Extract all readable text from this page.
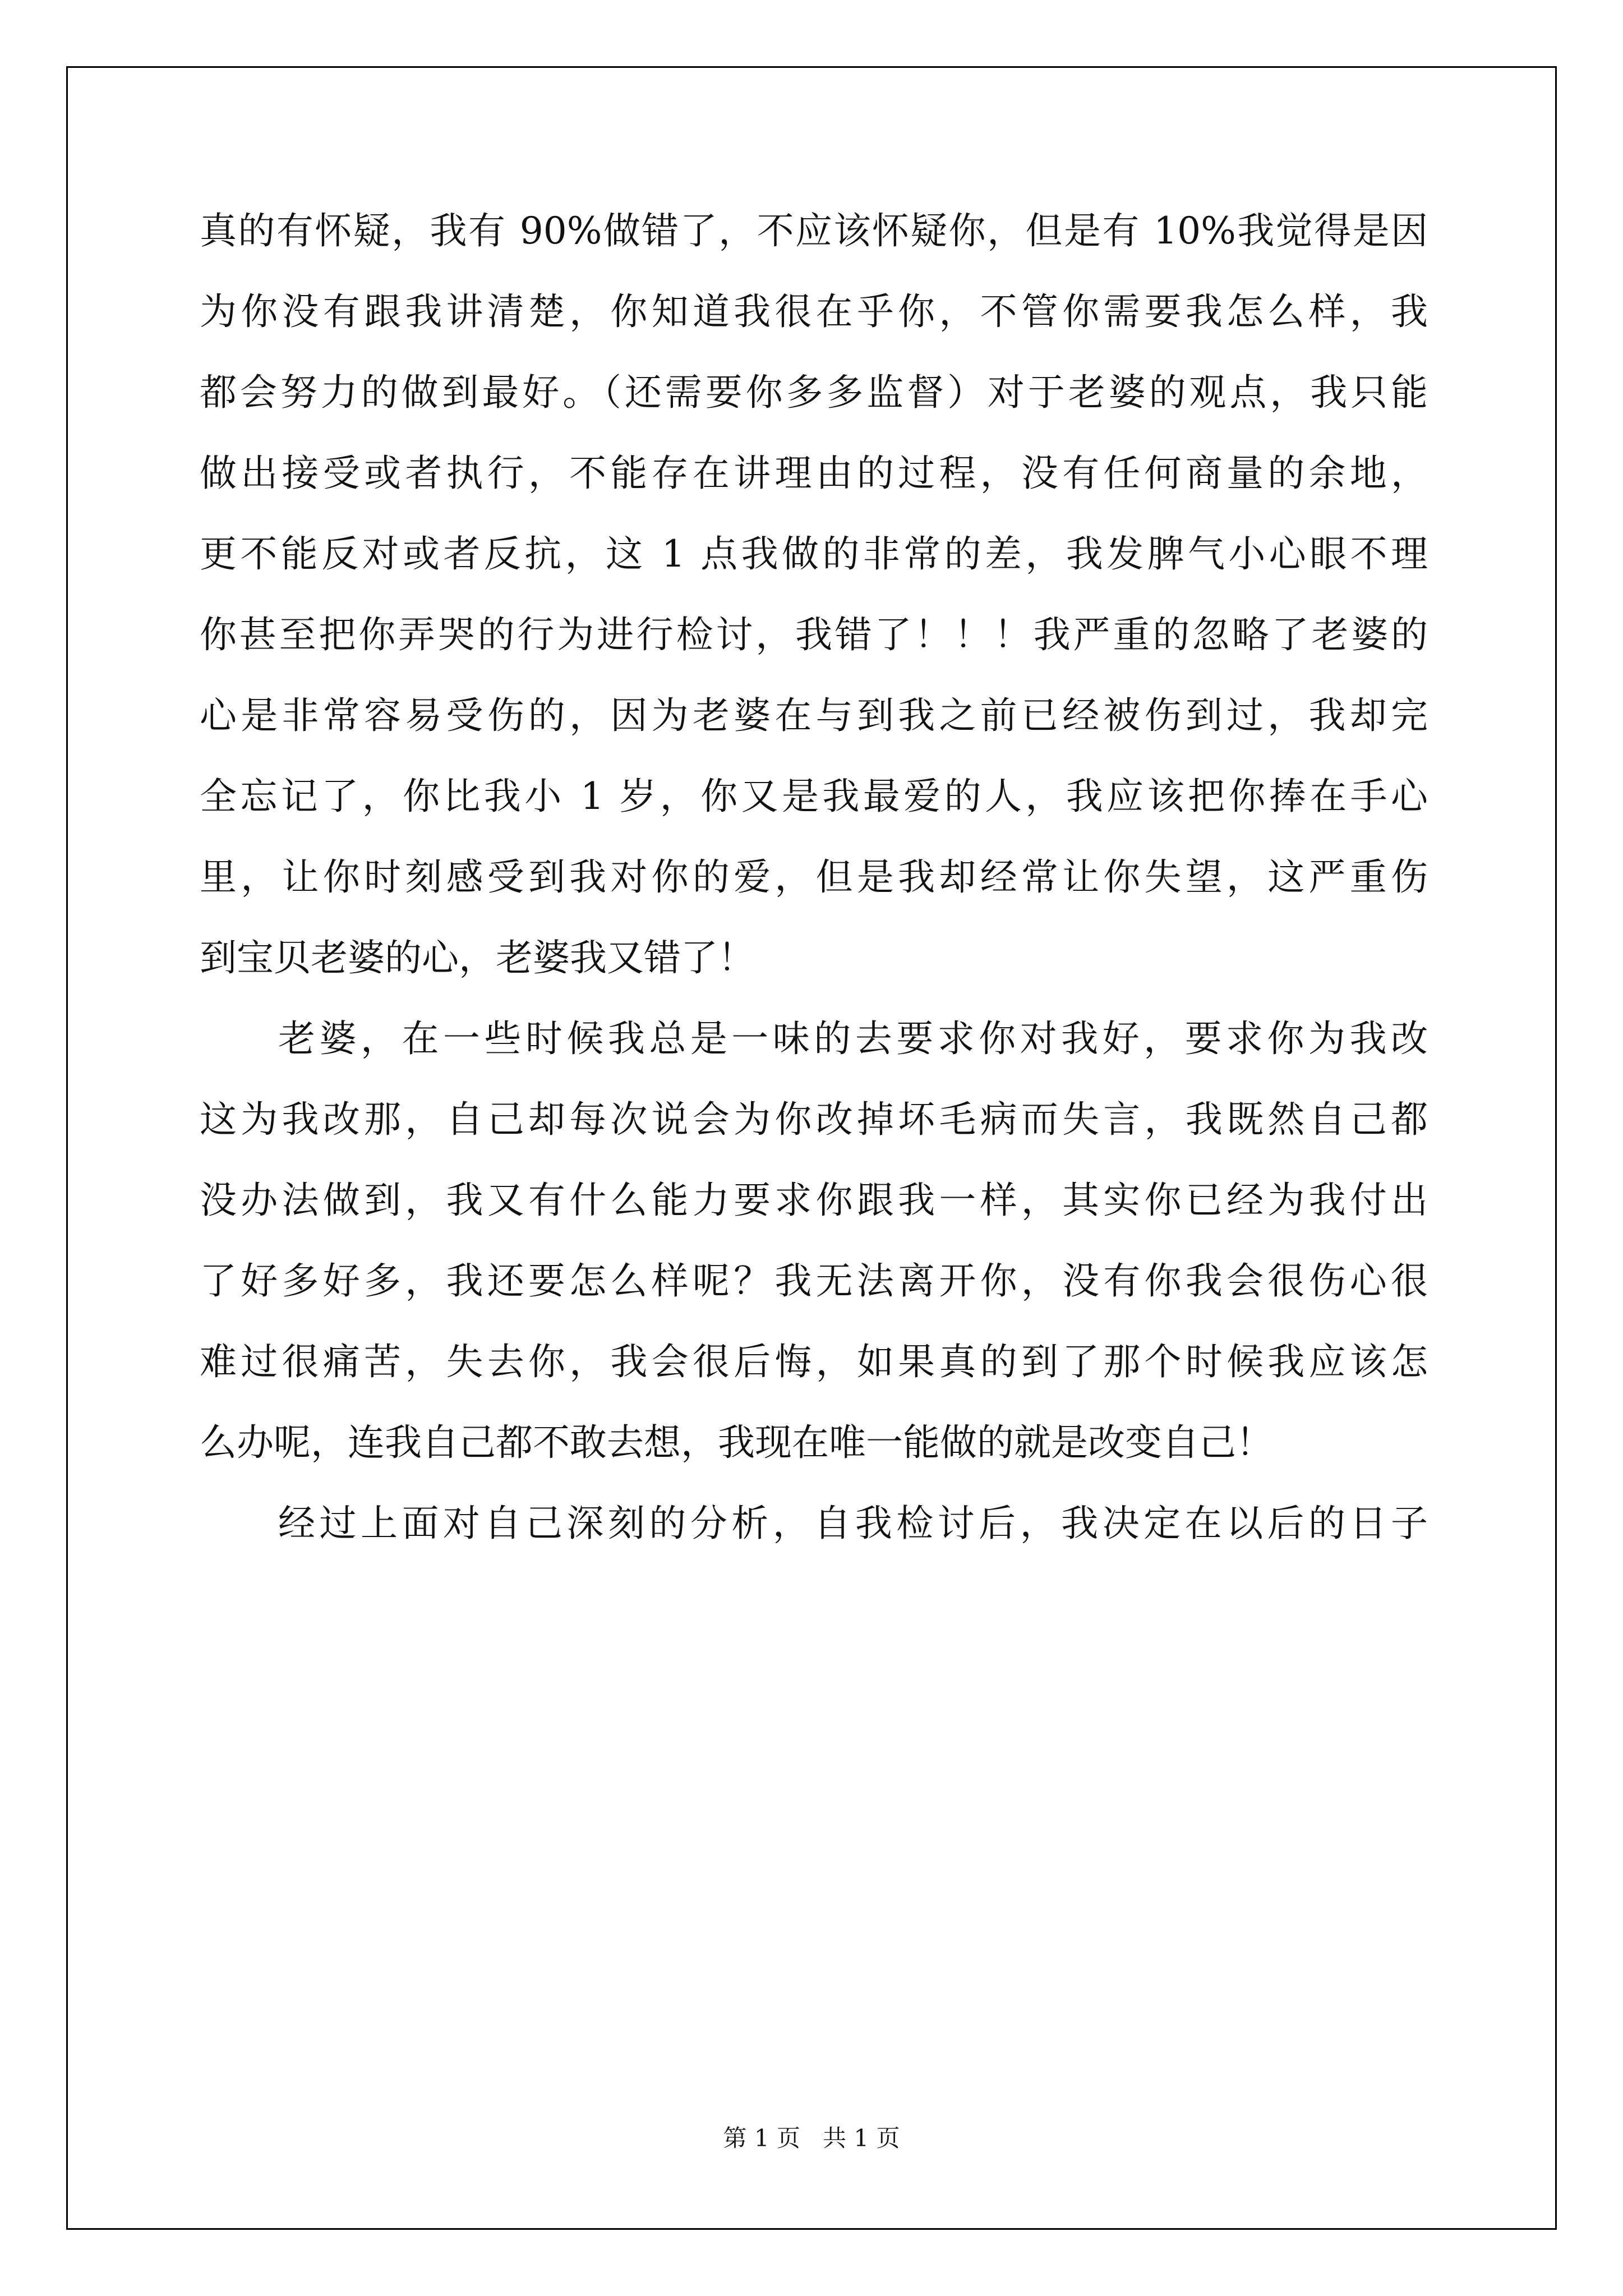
真的有怀疑，我有 90%做错了，不应该怀疑你，但是有 10%我觉得是因
为你没有跟我讲清楚，你知道我很在乎你，不管你需要我怎么样，我
都会努力的做到最好。（还需要你多多监督）对于老婆的观点，我只能
做出接受或者执行，不能存在讲理由的过程，没有任何商量的余地，
更不能反对或者反抗，这 1 点我做的非常的差，我发脾气小心眼不理
你甚至把你弄哭的行为进行检讨，我错了！！！我严重的忽略了老婆的
心是非常容易受伤的，因为老婆在与到我之前已经被伤到过，我却完
全忘记了，你比我小 1 岁，你又是我最爱的人，我应该把你捧在手心
里，让你时刻感受到我对你的爱，但是我却经常让你失望，这严重伤
到宝贝老婆的心，老婆我又错了！
老婆，在一些时候我总是一味的去要求你对我好，要求你为我改
这为我改那，自己却每次说会为你改掉坏毛病而失言，我既然自己都
没办法做到，我又有什么能力要求你跟我一样，其实你已经为我付出
了好多好多，我还要怎么样呢？我无法离开你，没有你我会很伤心很
难过很痛苦，失去你，我会很后悔，如果真的到了那个时候我应该怎
么办呢，连我自己都不敢去想，我现在唯一能做的就是改变自己！
经过上面对自己深刻的分析，自我检讨后，我决定在以后的日子
第 1 页 共 1 页
